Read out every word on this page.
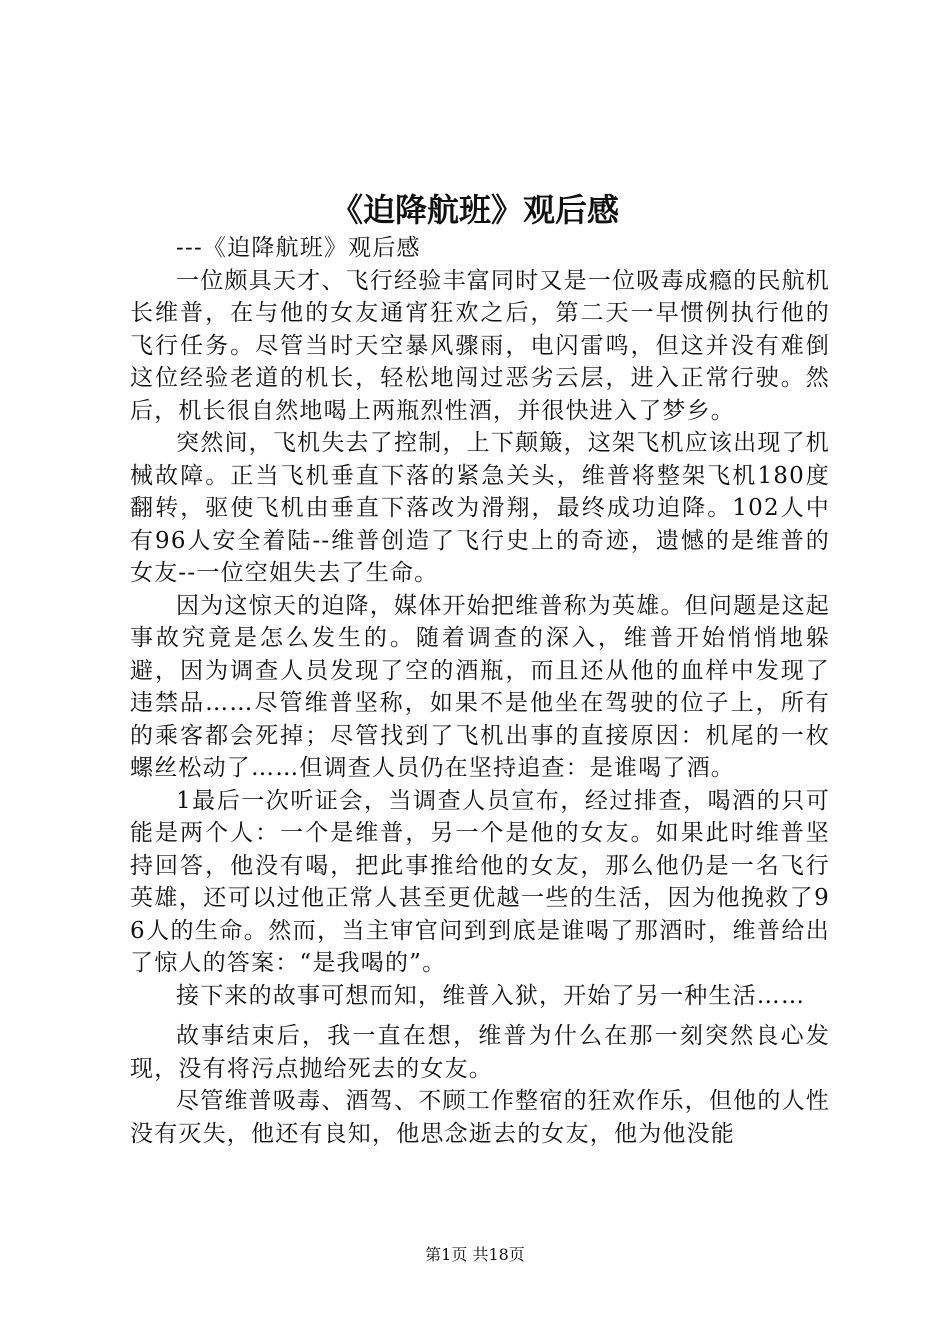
《迫降航班》观后感

---《迫降航班》观后感

一位颇具天才、飞行经验丰富同时又是一位吸毒成瘾的民航机长维普，在与他的女友通宵狂欢之后，第二天一早惯例执行他的飞行任务。尽管当时天空暴风骤雨，电闪雷鸣，但这并没有难倒这位经验老道的机长，轻松地闯过恶劣云层，进入正常行驶。然后，机长很自然地喝上两瓶烈性酒，并很快进入了梦乡。

突然间，飞机失去了控制，上下颠簸，这架飞机应该出现了机械故障。正当飞机垂直下落的紧急关头，维普将整架飞机180度翻转，驱使飞机由垂直下落改为滑翔，最终成功迫降。102人中有96人安全着陆--维普创造了飞行史上的奇迹，遗憾的是维普的女友--一位空姐失去了生命。

因为这惊天的迫降，媒体开始把维普称为英雄。但问题是这起事故究竟是怎么发生的。随着调查的深入，维普开始悄悄地躲避，因为调查人员发现了空的酒瓶，而且还从他的血样中发现了违禁品……尽管维普坚称，如果不是他坐在驾驶的位子上，所有的乘客都会死掉；尽管找到了飞机出事的直接原因：机尾的一枚螺丝松动了……但调查人员仍在坚持追查：是谁喝了酒。

1最后一次听证会，当调查人员宣布，经过排查，喝酒的只可能是两个人：一个是维普，另一个是他的女友。如果此时维普坚持回答，他没有喝，把此事推给他的女友，那么他仍是一名飞行英雄，还可以过他正常人甚至更优越一些的生活，因为他挽救了96人的生命。然而，当主审官问到到底是谁喝了那酒时，维普给出了惊人的答案：“是我喝的”。

接下来的故事可想而知，维普入狱，开始了另一种生活……

故事结束后，我一直在想，维普为什么在那一刻突然良心发现，没有将污点抛给死去的女友。

尽管维普吸毒、酒驾、不顾工作整宿的狂欢作乐，但他的人性没有灭失，他还有良知，他思念逝去的女友，他为他没能

第1页 共18页
